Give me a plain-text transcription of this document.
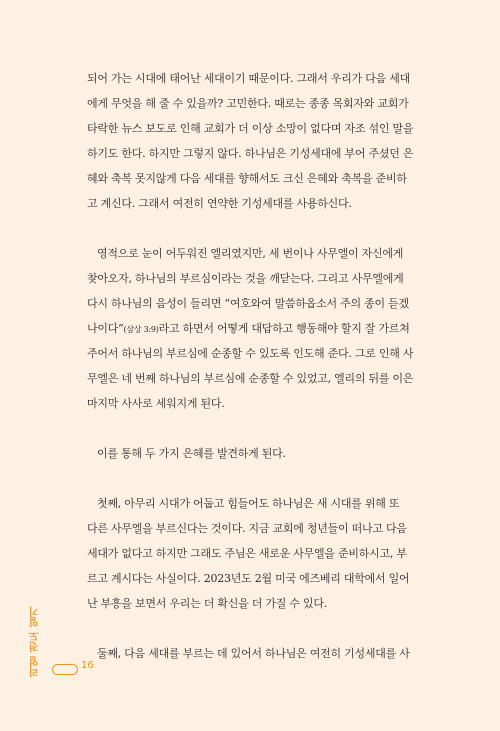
되어 가는 시대에 태어난 세대이기 때문이다. 그래서 우리가 다음 세대
에게 무엇을 해 줄 수 있을까? 고민한다. 때로는 종종 목회자와 교회가
타락한 뉴스 보도로 인해 교회가 더 이상 소망이 없다며 자조 섞인 말을
하기도 한다. 하지만 그렇지 않다. 하나님은 기성세대에 부어 주셨던 은
혜와 축복 못지않게 다음 세대를 향해서도 크신 은혜와 축복을 준비하
고 계신다. 그래서 여전히 연약한 기성세대를 사용하신다.
영적으로 눈이 어두워진 엘리였지만, 세 번이나 사무엘이 자신에게
찾아오자, 하나님의 부르심이라는 것을 깨닫는다. 그리고 사무엘에게
다시 하나님의 음성이 들리면 “여호와여 말씀하옵소서 주의 종이 듣겠
나이다”(삼상 3:9)라고 하면서 어떻게 대답하고 행동해야 할지 잘 가르쳐
주어서 하나님의 부르심에 순종할 수 있도록 인도해 준다. 그로 인해 사
무엘은 네 번째 하나님의 부르심에 순종할 수 있었고, 엘리의 뒤를 이은
마지막 사사로 세워지게 된다.
이를 통해 두 가지 은혜를 발견하게 된다.
첫째, 아무리 시대가 어둡고 힘들어도 하나님은 새 시대를 위해 또
다른 사무엘을 부르신다는 것이다. 지금 교회에 청년들이 떠나고 다음
세대가 없다고 하지만 그래도 주님은 새로운 사무엘을 준비하시고, 부
르고 계시다는 사실이다. 2023년도 2월 미국 에즈베리 대학에서 일어
난 부흥을 보면서 우리는 더 확신을 더 가질 수 있다.
둘째, 다음 세대를 부르는 데 있어서 하나님은 여전히 기성세대를 사
리얼 전도 일기	16
